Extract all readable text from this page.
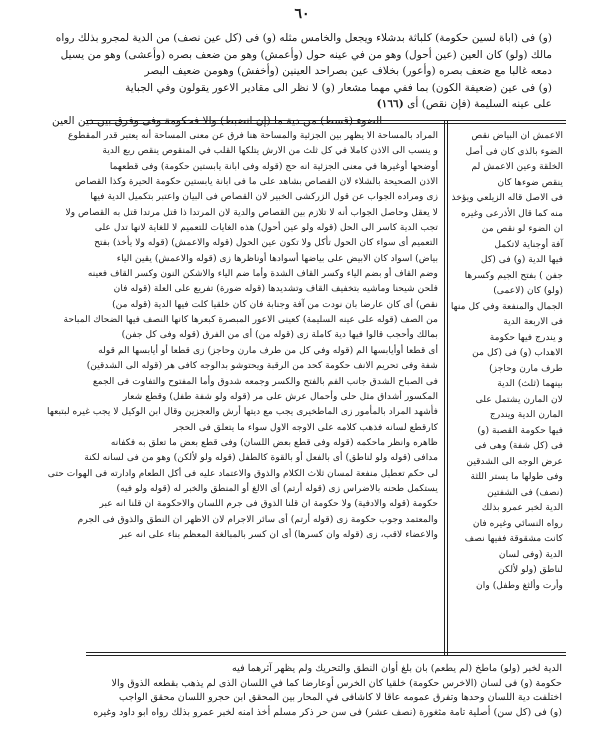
٦٠
(و) فى (اباة لسين حكومة) كلباثة بدشلاء ويجعل والخامس مثله (و) فى (كل عين نصف) من الدية لمجرو بذلك رواه
مالك (ولو) كان العين (عين أحول) وهو من في عينه حول (وأعمش) وهو من ضعف بصره (وأعشى) وهو من يسيل
دمعه غالبا مع ضعف بصره (وأعور) بخلاف عين بصراحد العينين (وأخفش) وهومن ضعيف البصر
(و) فى عين (ضعيفة الكون) بما ففي مهما مشعار (و) لا نظر الى مقادير الاعور يقولون وفي الجباية
على عينه السليمة (فإن نقص) أى (١٦٦)
الضوء (قسط) من دية ما (إن انضبط) والا فحكومة وفى وفرق بين دين العين
المراد بالمساحة الا يظهر بين الجزئية والمساحة هنا فرق عن معنى المساحة أنه يعتبر قدر المقطوع
و ينسب الى الاذن كاملا في كل ثلث من الارش يتلكها القلب في المنقوص ينقص ربع الدية
أوضحها أوغيرها في معنى الجزئية انه حج (قوله وفى ابانة يابستين حكومة) وفى قطعهما
الاذن الصحيحة بالشلاء لان القصاص بشاهد على ما فى ابانة يابستين حكومة الحيرة وكذا القصاص
زى ومراده الجواب عن قول الزركشى الخبير لان القصاص فى البيان واعتبر بتكميل الدية فيها
لا يعقل وحاصل الجواب أنه لا تلازم بين القصاص والدية لان المرتدا ذا قتل مرتدا قتل به القصاص ولا
تجب الدية كاسر الى الحل (قوله ولو عين أحول) هذه الغايات للتعميم لا للغاية لانها تدل على
التعميم أى سواء كان الحول تأكل ولا تكون عين الحول (قوله والاعمش) (قوله ولا يأخذ) بفتح
بياض) اسواد كان الابيض على بياضها أسوادها أوناظرها زى (قوله والاعمش) يقين الياء
وضم القاف أو بضم الياء وكسر القاف الشدة وأما ضم الياء والاشكن النون وكسر القاف فعينه
فلحن شيحنا وماشيه بتخفيف القاف وتشديدها (قوله ضورة) تفريع على العلة (قوله فان
نقص) أى كان عارضا بان نودت من آفة وجنابة فان كان خلقيا كلت فيها الدية (قوله من)
من الصف (قوله على عينه السليمة) كعينى الاعور المبصرة كبعرها كانها النصف فيها الضحاك المباحة
بمالك وأحجب قالوا فيها دية كاملة زى (قوله من) أى من الفرق (قوله وفى كل جفن)
أى قطعا أوأيابسها الم (قوله وفي كل من طرف مارن وحاجز) زى قطعا أو أيابسها الم قوله
شفة وفى تحريم الانف حكومة كحد من الرقبة ويحتوشو بدالوجه كافى هر (قوله الى الشدقين)
فى الصباح الشدق جانب الفم بالفتح والكسر وجمعه شدوق وأما المفتوح والتفاوت فى الجمع
المكسور أشداق مثل حلى وأحمال عرش على مر (قوله ولو شفة طفل) وقطع شعار
فأشهد المراد بالمأمور زى الماطخيرى يجب مع ديتها أرش والعجزين وقال ابن الوكيل لا يجب غيره لبتبعها
كارقطع لسانه فذهب كلامه على الاوجه الاول سواء ما يتعلق فى الحجر
ظاهره وانظر ماحكمه (قوله وفى قطع بعض اللسان) وفى قطع بعض ما تعلق به فكفانه
مدافى (قوله ولو لناطق) أى بالفعل أو بالقوة كالطفل (قوله ولو لألكن) وهو من فى لسانه لكنة
لى حكم تعطيل منفعة لمسان ثلاث الكلام والذوق والاعتماد عليه فى أكل الطعام وادارته فى الهوات حتى
يستكمل طحنه بالاضراس زى (قوله أرتم) أى الالغ أو المنطق والخبر له (قوله ولو فيه)
حكومة (قوله والادفية) ولا حكومة ان قلنا الذوق فى جرم اللسان والاحكومة ان قلنا انه عبر
والمعتمد وجوب حكومة زى (قوله أرتم) أى سائر الاجرام لان الاظهر ان النطق والذوق فى الجرم
والاعضاء لاقب، زى (قوله وان كسرها) أى ان كسر بالمبالغة المعظم بناء على انه عبر
الاعمش ان البياض نقص
الضوء بالذي كان فى أصل
الخلقة وعين الاعمش لم
ينقص ضوءها كان
فى الاصل قاله الزيلعي ويؤخذ
منه كما قال الأذرعى وغيره
ان الضوء لو نقص من
آفة أوجناية لاتكمل
فيها الدية (و) فى (كل
جفن ) بفتح الجيم وكسرها
(ولو) كان (لاعمى)
الجمال والمنفعة وفي كل منها
فى الاربعة الدية
و يندرج فيها حكومة
الاهداب (و) فى (كل من
طرف مارن وحاجز)
بينهما (ثلث) الدية
لان المارن يشتمل على
المارن الدية ويندرج
فيها حكومة القصبة (و)
فى (كل شفة) وهى فى
عرض الوجه الى الشدقين
وفى طولها ما يستر اللثة
(نصف) فى الشفتين
الدية لخبر عمرو بذلك
رواه النسائي وغيره فان
كانت مشقوقة ففيها نصف
الدية (وفى لسان
لناطق (ولو لألكن
وأرت وألثغ وطفل) وان
الدية لخبر (ولو) ماطخ (لم يطعم) بان بلغ أوان النطق والتحريك ولم يظهر آثرهما فيه
حكومة (و) فى لسان (الاخرس حكومة) خلقيا كان الخرس أوعارضا كما في اللسان الذى لم يذهب بقطعه الذوق والا
اختلفت دية اللسان وحدها وتفرق عمومه عاقا لا كاشافى في المحار بين المحقق ابن حجرو اللسان محقق الواجب
(و) فى (كل سن) أصلية تامة مثغورة (نصف عشر) فى سن حر ذكر مسلم أخذ امنه لخبر عمرو بذلك رواه ابو داود وغيره
